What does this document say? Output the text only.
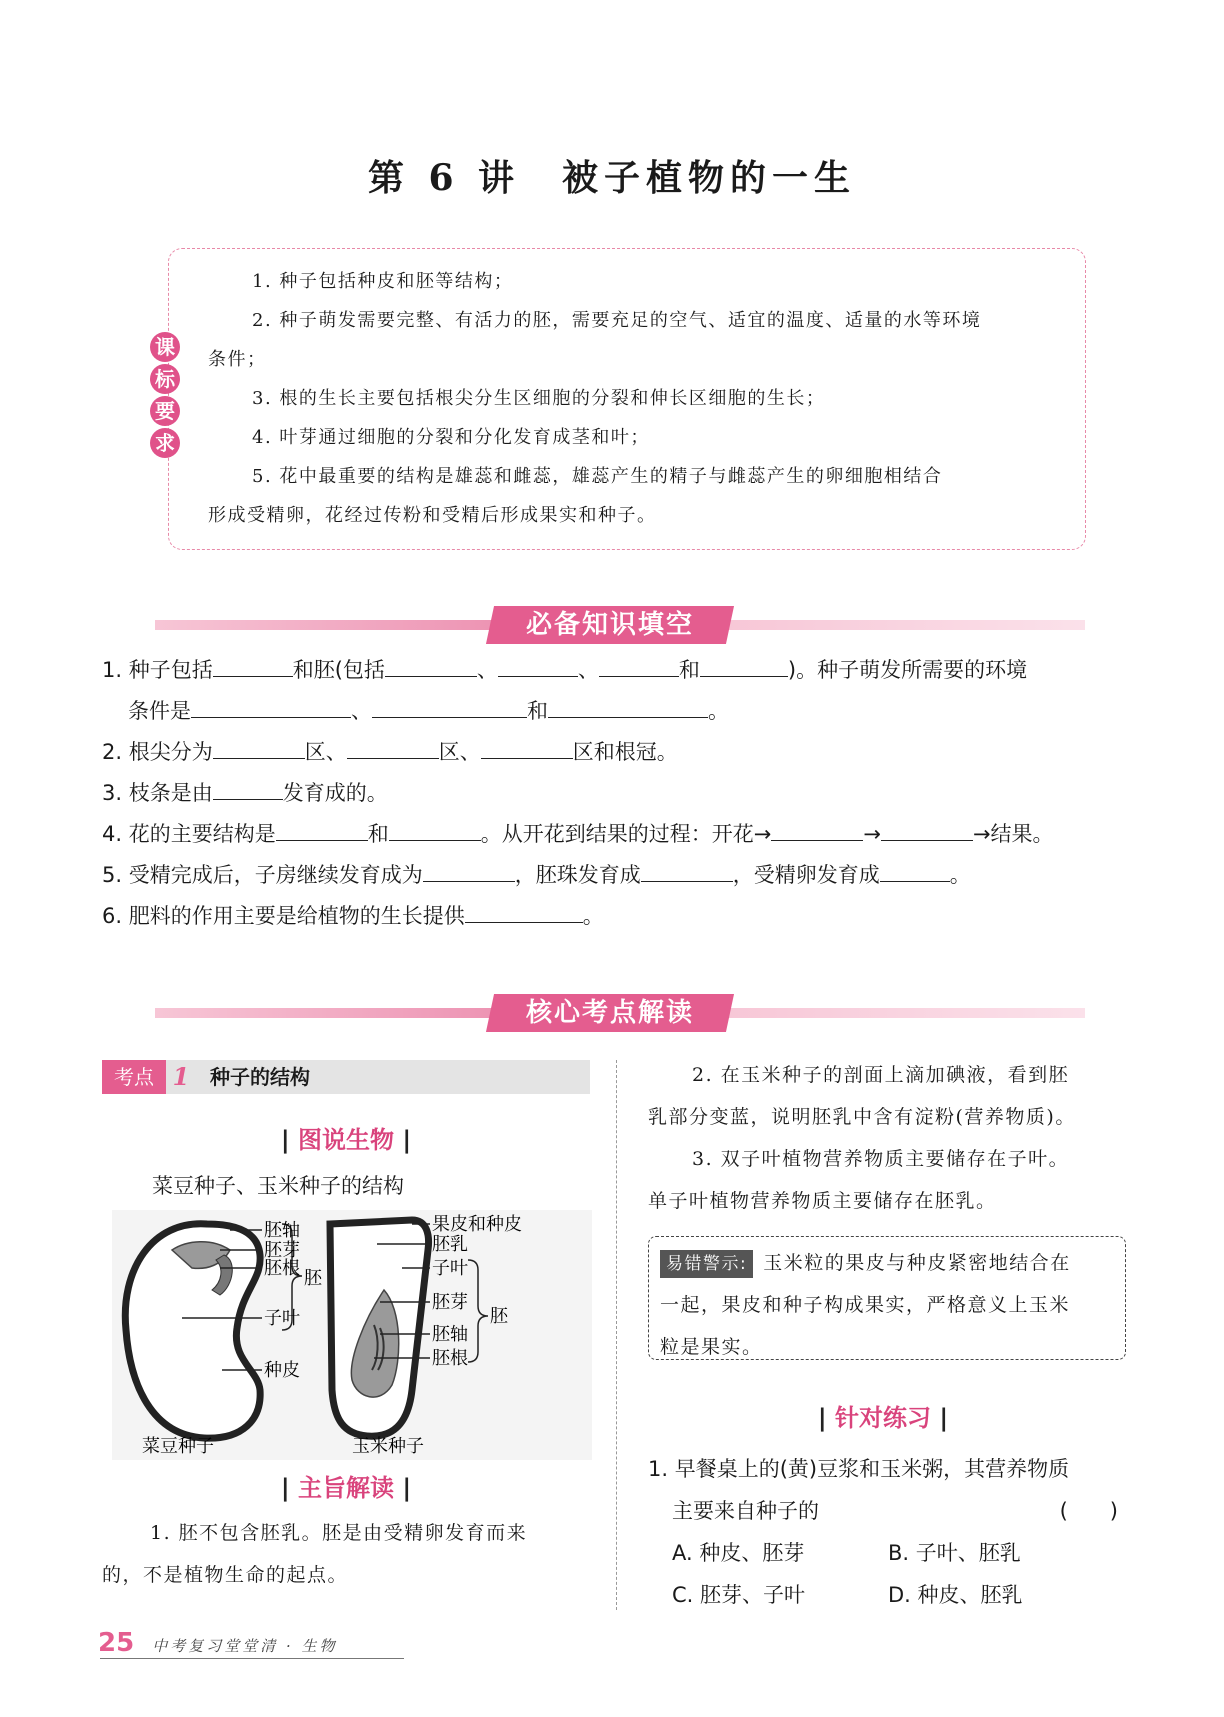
第 6 讲　被子植物的一生
课
标
要
求
1. 种子包括种皮和胚等结构；
2. 种子萌发需要完整、有活力的胚，需要充足的空气、适宜的温度、适量的水等环境
条件；
3. 根的生长主要包括根尖分生区细胞的分裂和伸长区细胞的生长；
4. 叶芽通过细胞的分裂和分化发育成茎和叶；
5. 花中最重要的结构是雄蕊和雌蕊，雄蕊产生的精子与雌蕊产生的卵细胞相结合
形成受精卵，花经过传粉和受精后形成果实和种子。
必备知识填空
1. 种子包括	和胚(包括	、	、	和	)。种子萌发所需要的环境
条件是	、	和	。
2. 根尖分为	区、	区、	区和根冠。
3. 枝条是由	发育成的。
4. 花的主要结构是	和	。从开花到结果的过程：开花→	→	→结果。
5. 受精完成后，子房继续发育成为	，胚珠发育成	，受精卵发育成	。
6. 肥料的作用主要是给植物的生长提供	。
核心考点解读
考点 1	种子的结构
| 图说生物 |
菜豆种子、玉米种子的结构
胚轴
胚芽
胚根
子叶
种皮
胚
菜豆种子
果皮和种皮
胚乳
子叶
胚芽
胚轴
胚根
胚
玉米种子
| 主旨解读 |
1. 胚不包含胚乳。胚是由受精卵发育而来
的，不是植物生命的起点。
2. 在玉米种子的剖面上滴加碘液，看到胚
乳部分变蓝，说明胚乳中含有淀粉(营养物质)。
3. 双子叶植物营养物质主要储存在子叶。
单子叶植物营养物质主要储存在胚乳。
易错警示: 玉米粒的果皮与种皮紧密地结合在
一起，果皮和种子构成果实，严格意义上玉米
粒是果实。
| 针对练习 |
1. 早餐桌上的(黄)豆浆和玉米粥，其营养物质
主要来自种子的	(　　)
A. 种皮、胚芽	B. 子叶、胚乳
C. 胚芽、子叶	D. 种皮、胚乳
25 中考复习堂堂清 · 生物
